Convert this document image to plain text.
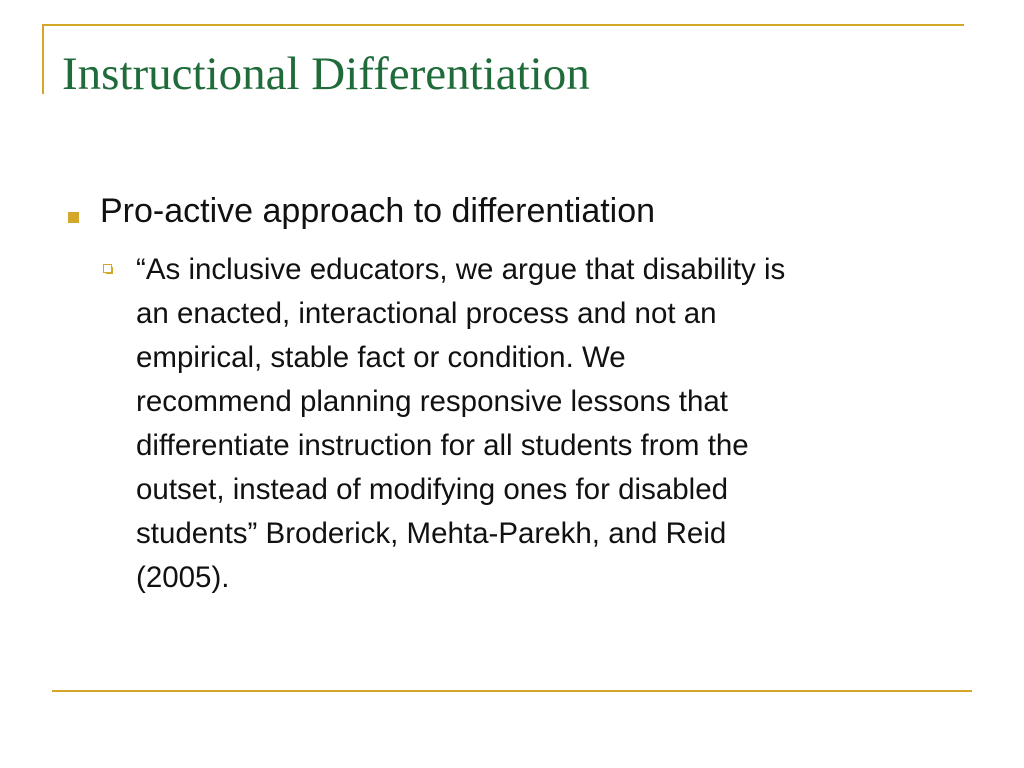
Instructional Differentiation

Pro-active approach to differentiation

“As inclusive educators, we argue that disability is
an enacted, interactional process and not an
empirical, stable fact or condition. We
recommend planning responsive lessons that
differentiate instruction for all students from the
outset, instead of modifying ones for disabled
students” Broderick, Mehta-Parekh, and Reid
(2005).
